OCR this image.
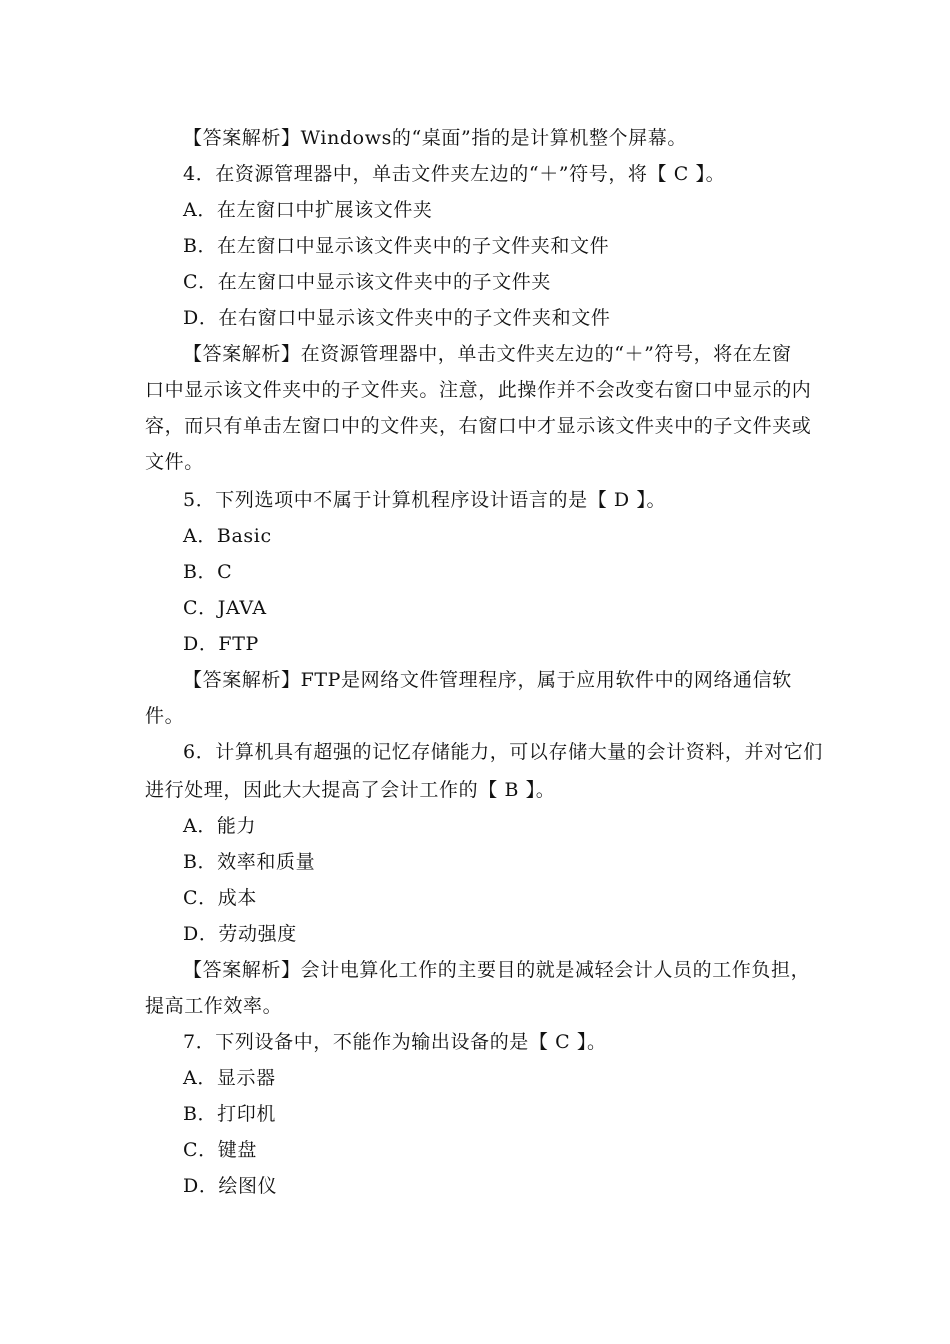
【答案解析】Windows的“桌面”指的是计算机整个屏幕。
4．在资源管理器中，单击文件夹左边的“＋”符号，将【 C 】。
A．在左窗口中扩展该文件夹
B．在左窗口中显示该文件夹中的子文件夹和文件
C．在左窗口中显示该文件夹中的子文件夹
D．在右窗口中显示该文件夹中的子文件夹和文件
【答案解析】在资源管理器中，单击文件夹左边的“＋”符号，将在左窗
口中显示该文件夹中的子文件夹。注意，此操作并不会改变右窗口中显示的内
容，而只有单击左窗口中的文件夹，右窗口中才显示该文件夹中的子文件夹或
文件。
5．下列选项中不属于计算机程序设计语言的是【 D 】。
A．Basic
B．C
C．JAVA
D．FTP
【答案解析】FTP是网络文件管理程序，属于应用软件中的网络通信软
件。
6．计算机具有超强的记忆存储能力，可以存储大量的会计资料，并对它们
进行处理，因此大大提高了会计工作的【 B 】。
A．能力
B．效率和质量
C．成本
D．劳动强度
【答案解析】会计电算化工作的主要目的就是减轻会计人员的工作负担，
提高工作效率。
7．下列设备中，不能作为输出设备的是【 C 】。
A．显示器
B．打印机
C．键盘
D．绘图仪
